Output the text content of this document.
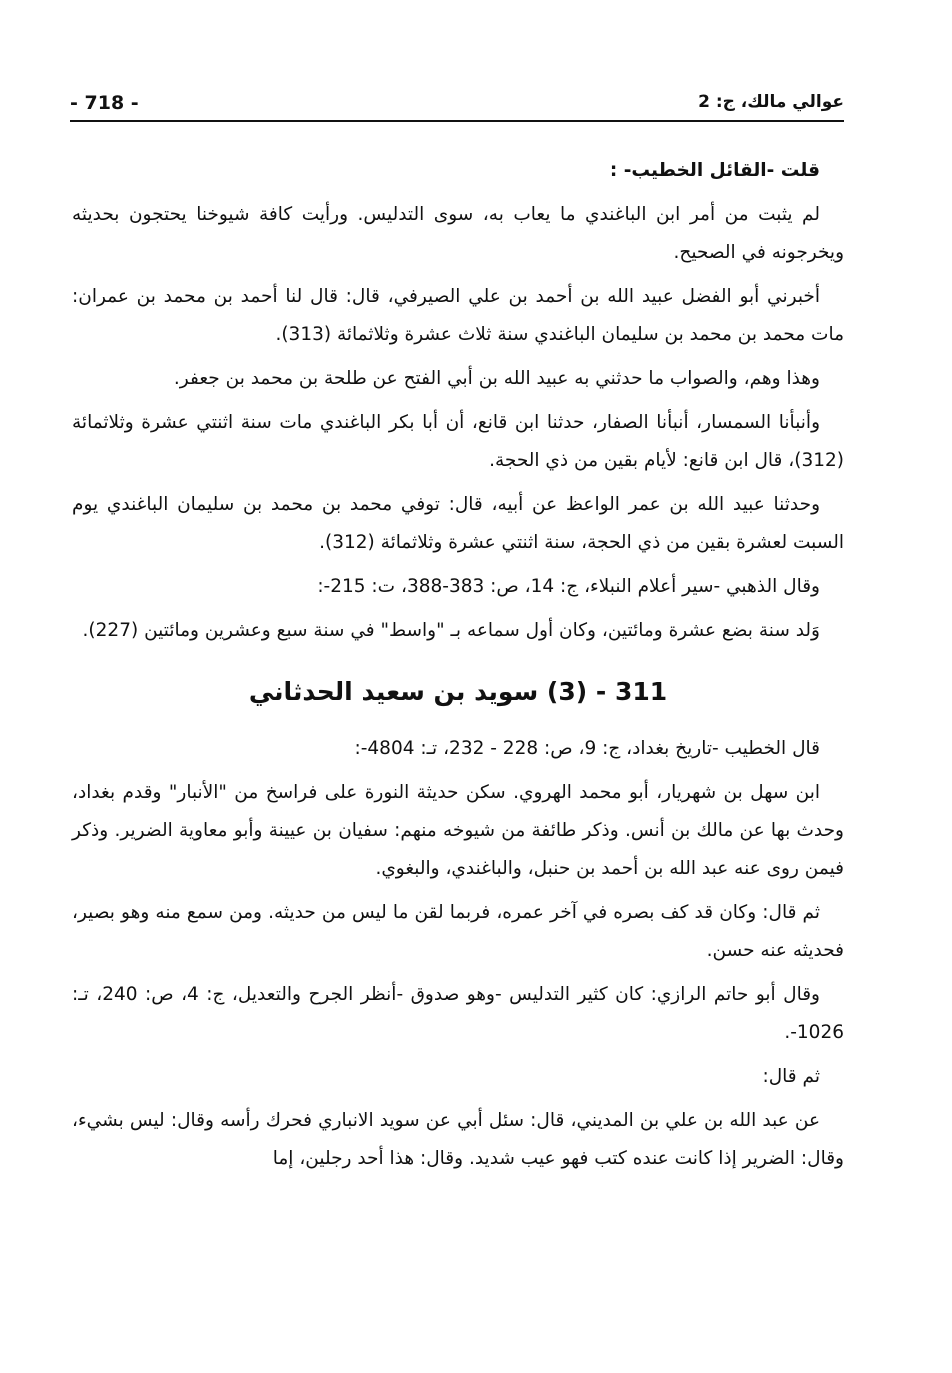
- 718 -	عوالي مالك، ج: 2

قلت -القائل الخطيب- :

لم يثبت من أمر ابن الباغندي ما يعاب به، سوى التدليس. ورأيت كافة شيوخنا يحتجون بحديثه ويخرجونه في الصحيح.

أخبرني أبو الفضل عبيد الله بن أحمد بن علي الصيرفي، قال: قال لنا أحمد بن محمد بن عمران: مات محمد بن محمد بن سليمان الباغندي سنة ثلاث عشرة وثلاثمائة (313).

وهذا وهم، والصواب ما حدثني به عبيد الله بن أبي الفتح عن طلحة بن محمد بن جعفر.

وأنبأنا السمسار، أنبأنا الصفار، حدثنا ابن قانع، أن أبا بكر الباغندي مات سنة اثنتي عشرة وثلاثمائة (312)، قال ابن قانع: لأيام بقين من ذي الحجة.

وحدثنا عبيد الله بن عمر الواعظ عن أبيه، قال: توفي محمد بن محمد بن سليمان الباغندي يوم السبت لعشرة بقين من ذي الحجة، سنة اثنتي عشرة وثلاثمائة (312).

وقال الذهبي -سير أعلام النبلاء، ج: 14، ص: 383-388، ت: 215-:

وَلد سنة بضع عشرة ومائتين، وكان أول سماعه بـ "واسط" في سنة سبع وعشرين ومائتين (227).

311 - (3) سويد بن سعيد الحدثاني

قال الخطيب -تاريخ بغداد، ج: 9، ص: 228 - 232، تـ: 4804-:

ابن سهل بن شهريار، أبو محمد الهروي. سكن حديثة النورة على فراسخ من "الأنبار" وقدم بغداد، وحدث بها عن مالك بن أنس. وذكر طائفة من شيوخه منهم: سفيان بن عيينة وأبو معاوية الضرير. وذكر فيمن روى عنه عبد الله بن أحمد بن حنبل، والباغندي، والبغوي.

ثم قال: وكان قد كف بصره في آخر عمره، فربما لقن ما ليس من حديثه. ومن سمع منه وهو بصير، فحديثه عنه حسن.

وقال أبو حاتم الرازي: كان كثير التدليس -وهو صدوق -أنظر الجرح والتعديل، ج: 4، ص: 240، تـ: 1026-.

ثم قال:

عن عبد الله بن علي بن المديني، قال: سئل أبي عن سويد الانباري فحرك رأسه وقال: ليس بشيء، وقال: الضرير إذا كانت عنده كتب فهو عيب شديد. وقال: هذا أحد رجلين، إما
